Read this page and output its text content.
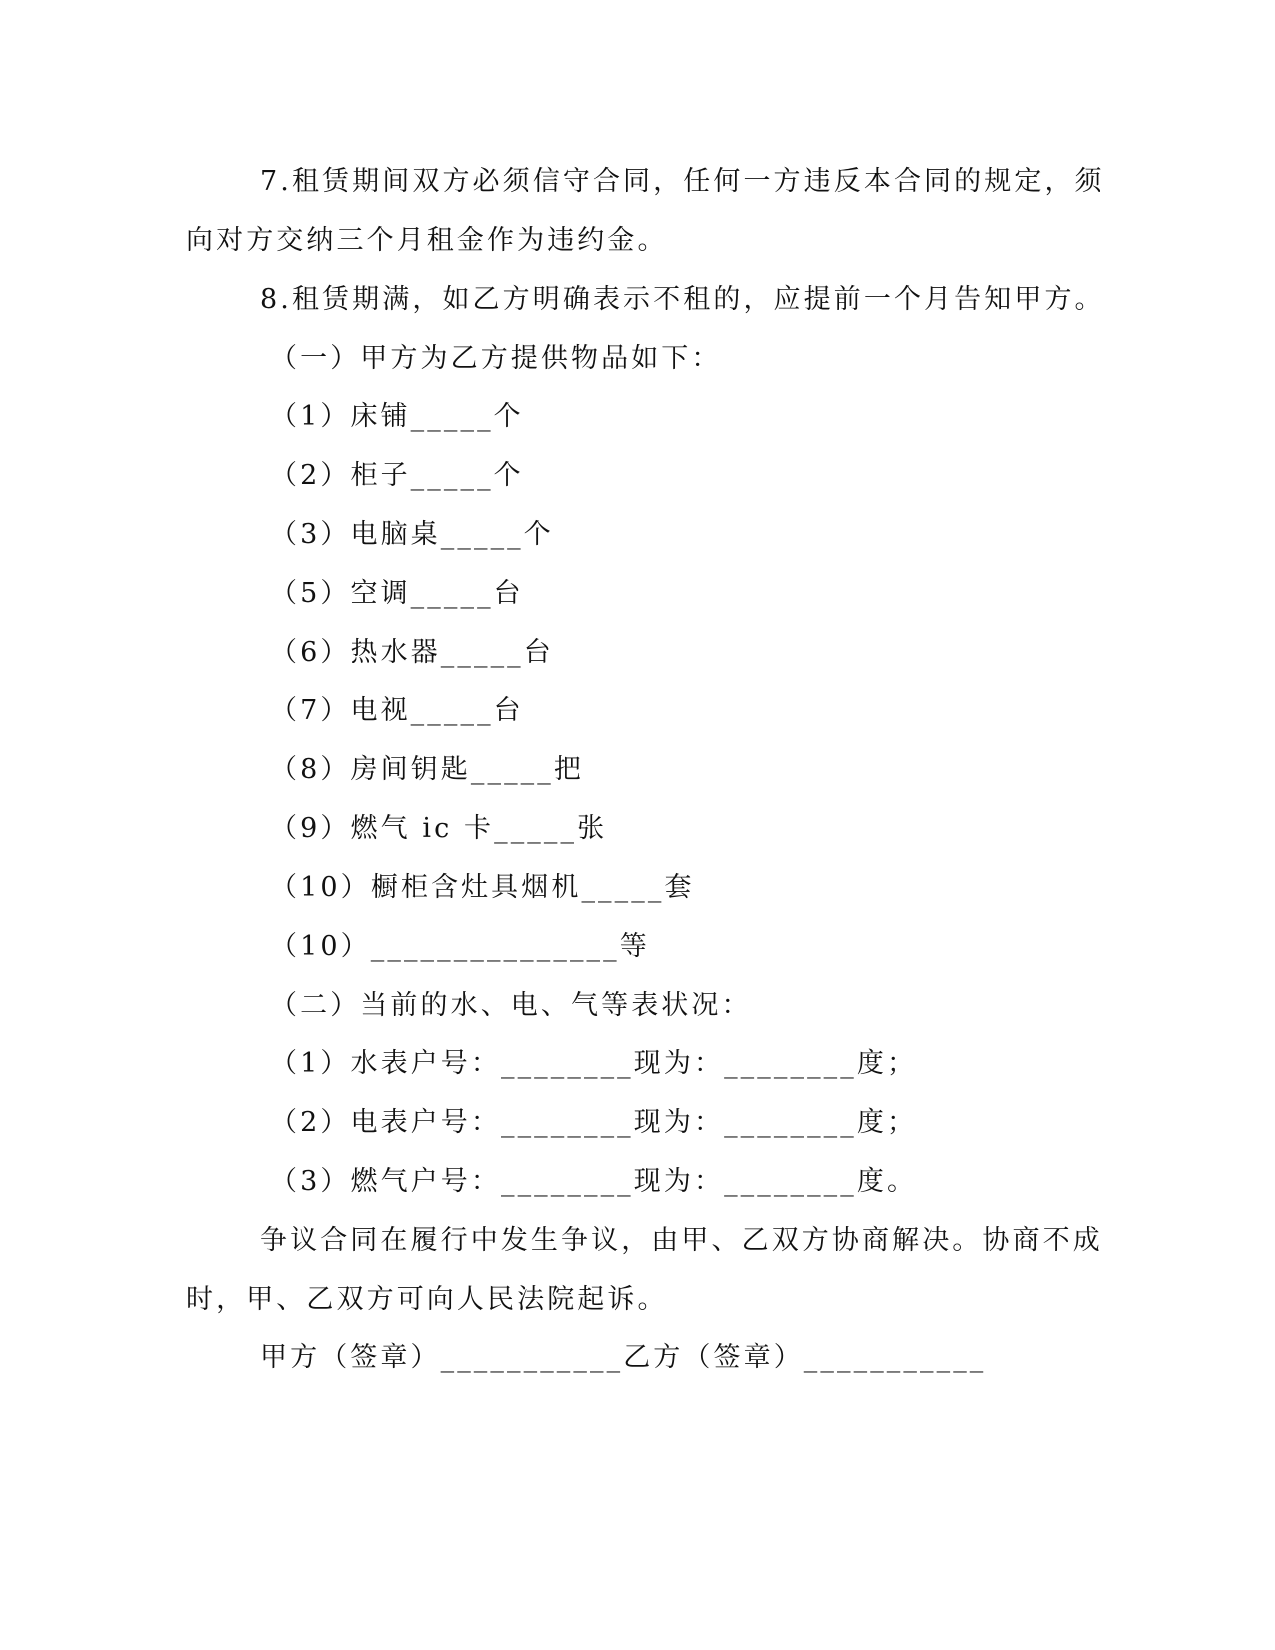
7.租赁期间双方必须信守合同，任何一方违反本合同的规定，须
向对方交纳三个月租金作为违约金。
8.租赁期满，如乙方明确表示不租的，应提前一个月告知甲方。
（一）甲方为乙方提供物品如下：
（1）床铺_____个
（2）柜子_____个
（3）电脑桌_____个
（5）空调_____台
（6）热水器_____台
（7）电视_____台
（8）房间钥匙_____把
（9）燃气 ic 卡_____张
（10）橱柜含灶具烟机_____套
（10）_______________等
（二）当前的水、电、气等表状况：
（1）水表户号：________现为：________度；
（2）电表户号：________现为：________度；
（3）燃气户号：________现为：________度。
争议合同在履行中发生争议，由甲、乙双方协商解决。协商不成
时，甲、乙双方可向人民法院起诉。
甲方（签章）___________乙方（签章）___________
